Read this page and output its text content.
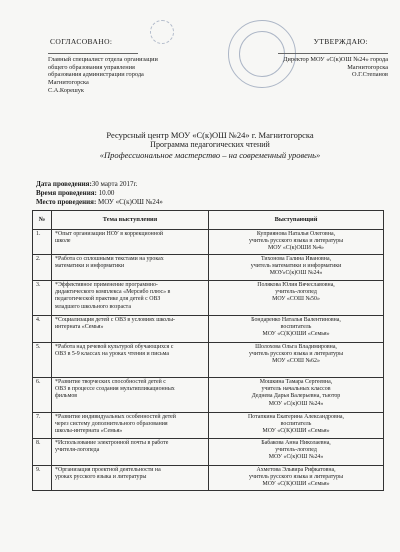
СОГЛАСОВАНО:
Главный специалист отдела организации
общего образования управления
образования администрации города
Магнитогорска
С.А.Корешук
УТВЕРЖДАЮ:
Директор МОУ «С(к)ОШ №24» города
Магнитогорска
О.Г.Степанов
Ресурсный центр МОУ «С(к)ОШ №24» г. Магнитогорска
Программа педагогических чтений
«Профессиональное мастерство – на современный уровень»
Дата проведения:30 марта 2017г.
Время проведения: 10.00
Место проведения: МОУ «С(к)ОШ №24»
№	Тема выступления	Выступающий
1.	*Опыт организации НОУ в коррекционной
школе	Куприянова Наталья Олеговна,
учитель русского языка и литературы
МОУ «С(к)ОШИ №4»

2.	*Работа со сплошными текстами на уроках
математики и информатики	Тихонова Галина Ивановна,
учитель математики и информатики
МОУ«С(к)ОШ №24»

3.	*Эффективное применение программно-
дидактического комплекса «Мерсибо плюс» в
педагогической практике для детей с ОВЗ
младшего школьного возраста	Полякова Юлия Вячеславовна,
учитель-логопед
МОУ «СОШ №50»

4.	*Социализация детей с ОВЗ в условиях школы-
интерната «Семья»	Бондаренко Наталья Валентиновна,
воспитатель
МОУ «С(К)ОШИ «Семья»

5.	*Работа над речевой культурой обучающихся с
ОВЗ в 5-9 классах на уроках чтения и письма	Шолохова Ольга Владимировна,
учитель русского языка и литературы
МОУ «СОШ №62»

6.	*Развитие творческих способностей детей с
ОВЗ в процессе создания мультипликационных
фильмов	Мошкина Тамара Сергеевна,
учитель начальных классов
Деднева Дарья Валерьевна, тьютор
МОУ «С(к)ОШ №24»

7.	*Развитие индивидуальных особенностей детей
через систему дополнительного образования
школы-интерната «Семья»	Потапкина Екатерина Александровна,
воспитатель
МОУ «С(К)ОШИ «Семья»

8.	*Использование электронной почты в работе
учителя-логопеда	Бабакова Анна Николаевна,
учитель-логопед
МОУ «С(к)ОШ №24»

9.	*Организация проектной деятельности на
уроках русского языка и литературы	Ахметова Эльвира Рифкатовна,
учитель русского языка и литературы
МОУ «С(К)ОШИ «Семья»
